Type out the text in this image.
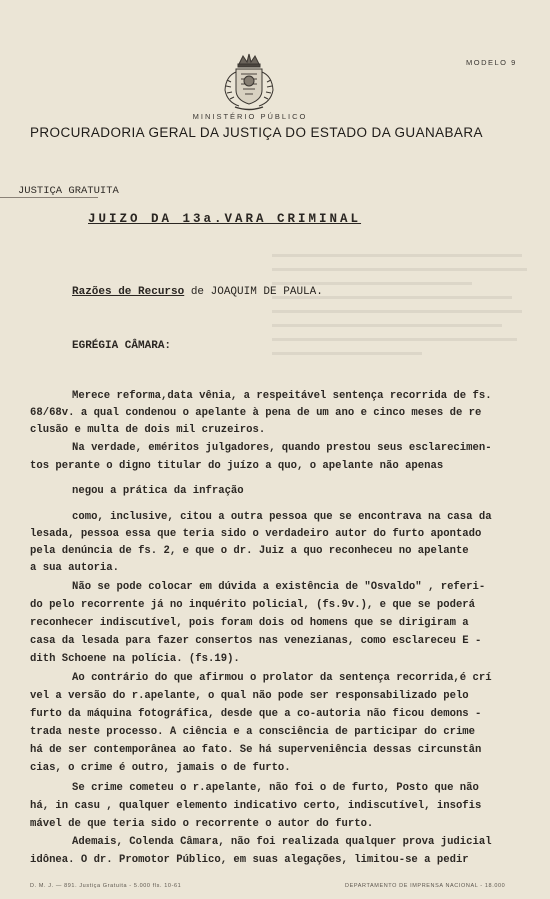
MODELO 9
MINISTÉRIO PÚBLICO
PROCURADORIA GERAL DA JUSTIÇA DO ESTADO DA GUANABARA
JUSTIÇA GRATUITA
JUIZO DA 13a.VARA CRIMINAL
Razões de Recurso de JOAQUIM DE PAULA.
EGRÉGIA CÂMARA:
Merece reforma,data vênia, a respeitável sentença recorrida de fs.
68/68v. a qual condenou o apelante à pena de um ano e cinco meses de re
clusão e multa de dois mil cruzeiros.
Na verdade, eméritos julgadores, quando prestou seus esclarecimen-
tos perante o digno titular do juízo a quo, o apelante não apenas
negou a prática da infração
como, inclusive, citou a outra pessoa que se encontrava na casa da
lesada, pessoa essa que teria sido o verdadeiro autor do furto apontado
pela denúncia de fs. 2, e que o dr. Juiz a quo reconheceu no apelante
a sua autoria.
Não se pode colocar em dúvida a existência de "Osvaldo" , referi-
do pelo recorrente já no inquérito policial, (fs.9v.), e que se poderá
reconhecer indiscutível, pois foram dois od homens que se dirigiram a
casa da lesada para fazer consertos nas venezianas, como esclareceu E -
dith Schoene na polícia. (fs.19).
Ao contrário do que afirmou o prolator da sentença recorrida,é crí
vel a versão do r.apelante, o qual não pode ser responsabilizado pelo
furto da máquina fotográfica, desde que a co-autoria não ficou demons -
trada neste processo. A ciência e a consciência de participar do crime
há de ser contemporânea ao fato. Se há superveniência dessas circunstân
cias, o crime é outro, jamais o de furto.
Se crime cometeu o r.apelante, não foi o de furto, Posto que não
há, in casu , qualquer elemento indicativo certo, indiscutível, insofis
mável de que teria sido o recorrente o autor do furto.
Ademais, Colenda Câmara, não foi realizada qualquer prova judicial
idônea. O dr. Promotor Público, em suas alegações, limitou-se a pedir
D. M. J. — 891. Justiça Gratuita - 5.000 fls. 10-61	DEPARTAMENTO DE IMPRENSA NACIONAL - 18.000
